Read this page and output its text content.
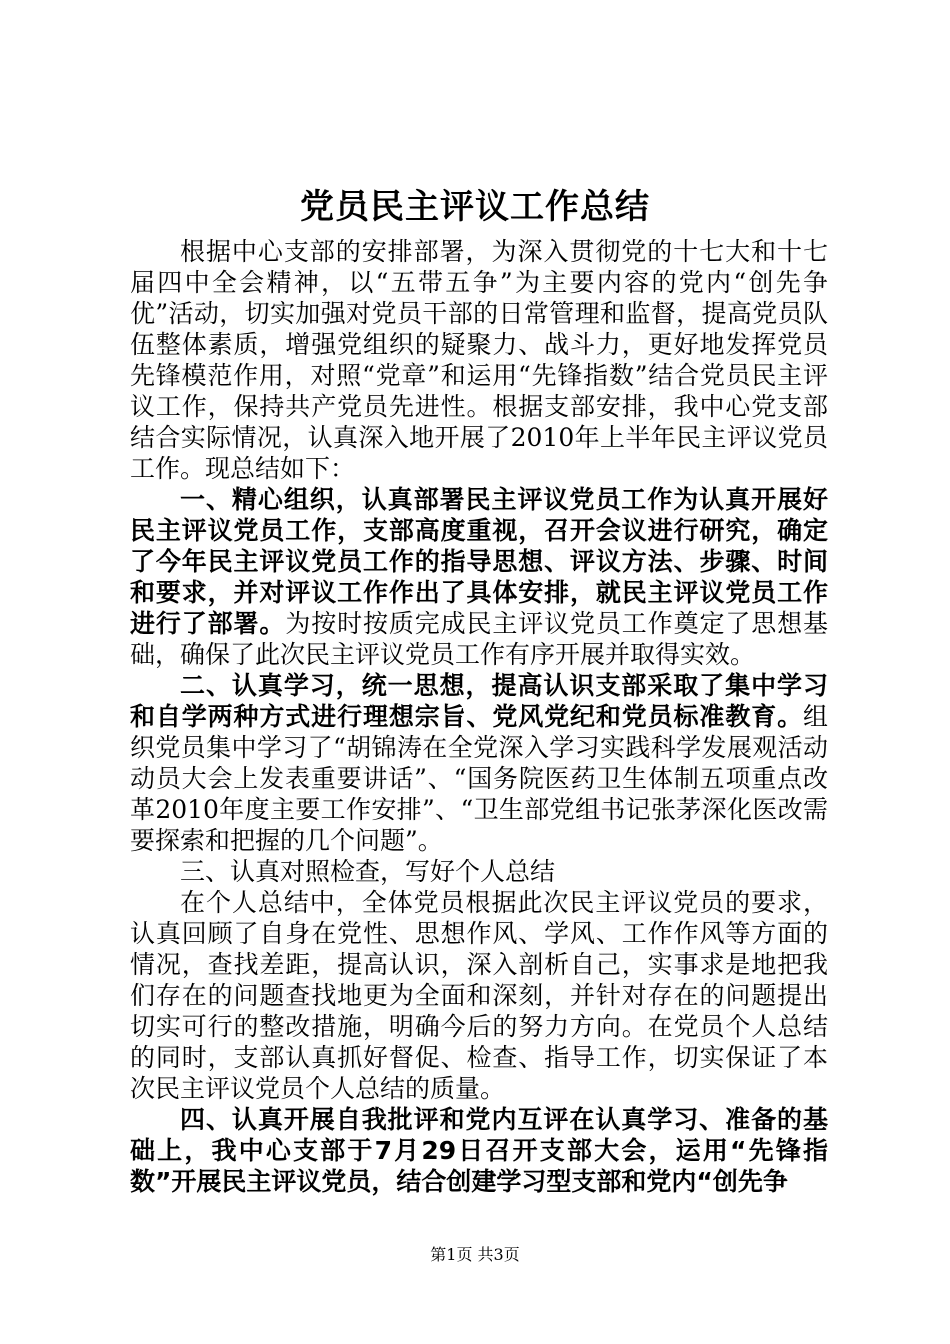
党员民主评议工作总结

根据中心支部的安排部署，为深入贯彻党的十七大和十七届四中全会精神，以“五带五争”为主要内容的党内“创先争优”活动，切实加强对党员干部的日常管理和监督，提高党员队伍整体素质，增强党组织的疑聚力、战斗力，更好地发挥党员先锋模范作用，对照“党章”和运用“先锋指数”结合党员民主评议工作，保持共产党员先进性。根据支部安排，我中心党支部结合实际情况，认真深入地开展了2010年上半年民主评议党员工作。现总结如下：

一、精心组织，认真部署民主评议党员工作为认真开展好民主评议党员工作，支部高度重视，召开会议进行研究，确定了今年民主评议党员工作的指导思想、评议方法、步骤、时间和要求，并对评议工作作出了具体安排，就民主评议党员工作进行了部署。为按时按质完成民主评议党员工作奠定了思想基础，确保了此次民主评议党员工作有序开展并取得实效。

二、认真学习，统一思想，提高认识支部采取了集中学习和自学两种方式进行理想宗旨、党风党纪和党员标准教育。组织党员集中学习了“胡锦涛在全党深入学习实践科学发展观活动动员大会上发表重要讲话”、“国务院医药卫生体制五项重点改革2010年度主要工作安排”、“卫生部党组书记张茅深化医改需要探索和把握的几个问题”。

三、认真对照检查，写好个人总结

在个人总结中，全体党员根据此次民主评议党员的要求，认真回顾了自身在党性、思想作风、学风、工作作风等方面的情况，查找差距，提高认识，深入剖析自己，实事求是地把我们存在的问题查找地更为全面和深刻，并针对存在的问题提出切实可行的整改措施，明确今后的努力方向。在党员个人总结的同时，支部认真抓好督促、检查、指导工作，切实保证了本次民主评议党员个人总结的质量。

四、认真开展自我批评和党内互评在认真学习、准备的基础上，我中心支部于7月29日召开支部大会，运用“先锋指数”开展民主评议党员，结合创建学习型支部和党内“创先争

第1页 共3页
